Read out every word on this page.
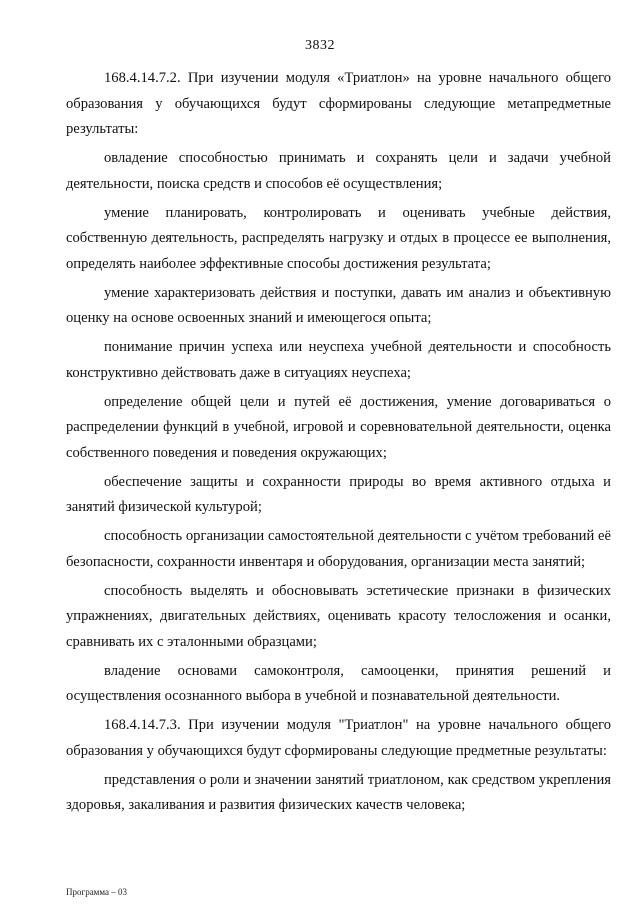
3832

168.4.14.7.2. При изучении модуля «Триатлон» на уровне начального общего образования у обучающихся будут сформированы следующие метапредметные результаты:

овладение способностью принимать и сохранять цели и задачи учебной деятельности, поиска средств и способов её осуществления;

умение планировать, контролировать и оценивать учебные действия, собственную деятельность, распределять нагрузку и отдых в процессе ее выполнения, определять наиболее эффективные способы достижения результата;

умение характеризовать действия и поступки, давать им анализ и объективную оценку на основе освоенных знаний и имеющегося опыта;

понимание причин успеха или неуспеха учебной деятельности и способность конструктивно действовать даже в ситуациях неуспеха;

определение общей цели и путей её достижения, умение договариваться о распределении функций в учебной, игровой и соревновательной деятельности, оценка собственного поведения и поведения окружающих;

обеспечение защиты и сохранности природы во время активного отдыха и занятий физической культурой;

способность организации самостоятельной деятельности с учётом требований её безопасности, сохранности инвентаря и оборудования, организации места занятий;

способность выделять и обосновывать эстетические признаки в физических упражнениях, двигательных действиях, оценивать красоту телосложения и осанки, сравнивать их с эталонными образцами;

владение основами самоконтроля, самооценки, принятия решений и осуществления осознанного выбора в учебной и познавательной деятельности.

168.4.14.7.3. При изучении модуля "Триатлон" на уровне начального общего образования у обучающихся будут сформированы следующие предметные результаты:

представления о роли и значении занятий триатлоном, как средством укрепления здоровья, закаливания и развития физических качеств человека;

Программа – 03
